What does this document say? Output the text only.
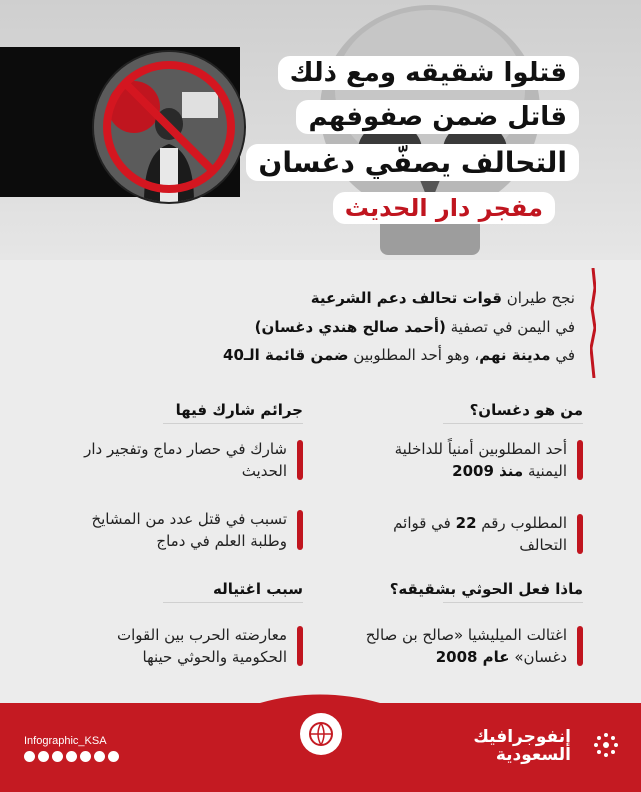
قتلوا شقيقه ومع ذلك
قاتل ضمن صفوفهم
التحالف يصفّي دغسان
مفجر دار الحديث
نجح طيران قوات تحالف دعم الشرعية
في اليمن في تصفية (أحمد صالح هندي دغسان)
في مدينة نهم، وهو أحد المطلوبين ضمن قائمة الـ40
من هو دغسان؟
جرائم شارك فيها
ماذا فعل الحوثي بشقيقه؟
سبب اغتياله
أحد المطلوبين أمنياً للداخلية اليمنية منذ 2009
المطلوب رقم 22 في قوائم التحالف
شارك في حصار دماج وتفجير دار الحديث
تسبب في قتل عدد من المشايخ وطلبة العلم في دماج
اغتالت الميليشيا «صالح بن صالح دغسان» عام 2008
معارضته الحرب بين القوات الحكومية والحوثي حينها
Infographic_KSA	إنفوجرافيك
السعودية
